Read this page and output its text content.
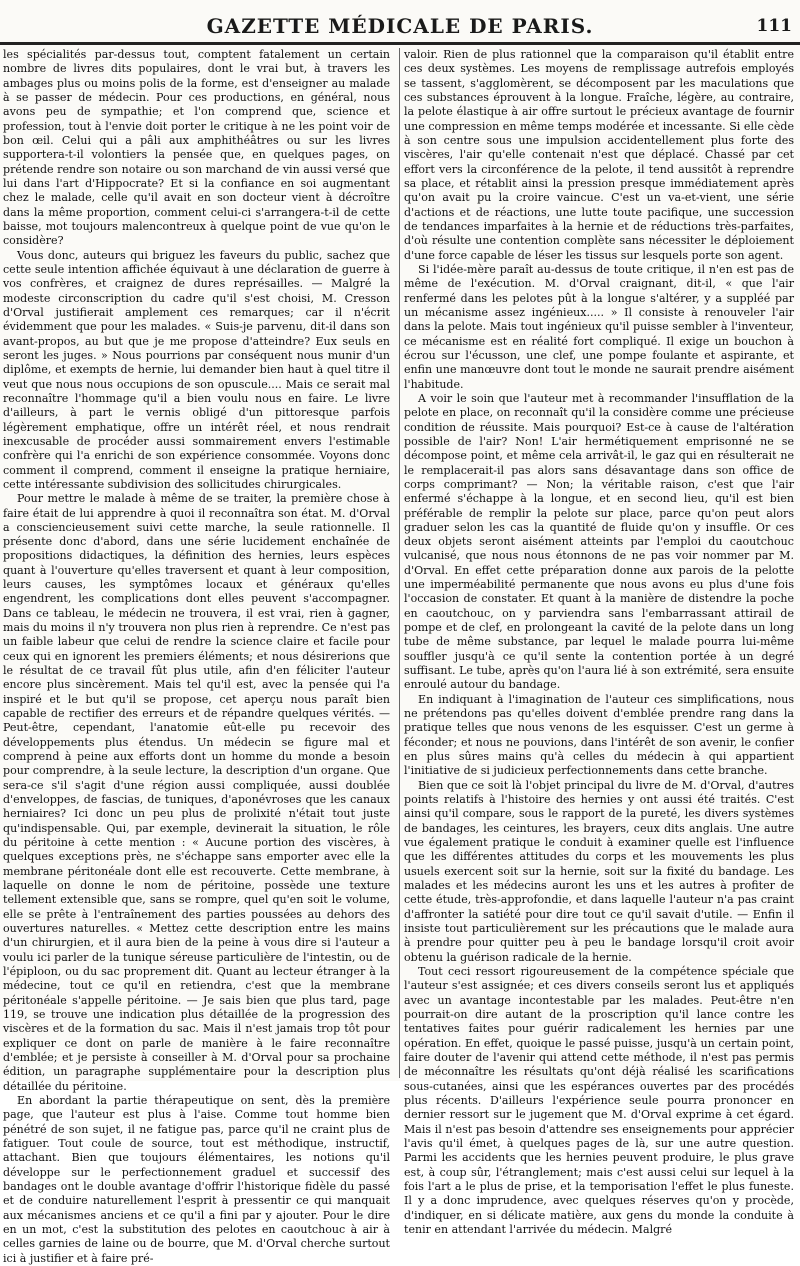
GAZETTE MÉDICALE DE PARIS.	111

les spécialités par-dessus tout, comptent fatalement un certain nombre de livres dits populaires, dont le vrai but, à travers les ambages plus ou moins polis de la forme, est d'enseigner au malade à se passer de médecin. Pour ces productions, en général, nous avons peu de sympathie; et l'on comprend que, science et profession, tout à l'envie doit porter le critique à ne les point voir de bon œil. Celui qui a pâli aux amphithéâtres ou sur les livres supportera-t-il volontiers la pensée que, en quelques pages, on prétende rendre son notaire ou son marchand de vin aussi versé que lui dans l'art d'Hippocrate? Et si la confiance en soi augmentant chez le malade, celle qu'il avait en son docteur vient à décroître dans la même proportion, comment celui-ci s'arrangera-t-il de cette baisse, mot toujours malencontreux à quelque point de vue qu'on le considère?

Vous donc, auteurs qui briguez les faveurs du public, sachez que cette seule intention affichée équivaut à une déclaration de guerre à vos confrères, et craignez de dures représailles. — Malgré la modeste circonscription du cadre qu'il s'est choisi, M. Cresson d'Orval justifierait amplement ces remarques; car il n'écrit évidemment que pour les malades. « Suis-je parvenu, dit-il dans son avant-propos, au but que je me propose d'atteindre? Eux seuls en seront les juges. » Nous pourrions par conséquent nous munir d'un diplôme, et exempts de hernie, lui demander bien haut à quel titre il veut que nous nous occupions de son opuscule.... Mais ce serait mal reconnaître l'hommage qu'il a bien voulu nous en faire. Le livre d'ailleurs, à part le vernis obligé d'un pittoresque parfois légèrement emphatique, offre un intérêt réel, et nous rendrait inexcusable de procéder aussi sommairement envers l'estimable confrère qui l'a enrichi de son expérience consommée. Voyons donc comment il comprend, comment il enseigne la pratique herniaire, cette intéressante subdivision des sollicitudes chirurgicales.

Pour mettre le malade à même de se traiter, la première chose à faire était de lui apprendre à quoi il reconnaîtra son état. M. d'Orval a consciencieusement suivi cette marche, la seule rationnelle. Il présente donc d'abord, dans une série lucidement enchaînée de propositions didactiques, la définition des hernies, leurs espèces quant à l'ouverture qu'elles traversent et quant à leur composition, leurs causes, les symptômes locaux et généraux qu'elles engendrent, les complications dont elles peuvent s'accompagner. Dans ce tableau, le médecin ne trouvera, il est vrai, rien à gagner, mais du moins il n'y trouvera non plus rien à reprendre. Ce n'est pas un faible labeur que celui de rendre la science claire et facile pour ceux qui en ignorent les premiers éléments; et nous désirerions que le résultat de ce travail fût plus utile, afin d'en féliciter l'auteur encore plus sincèrement. Mais tel qu'il est, avec la pensée qui l'a inspiré et le but qu'il se propose, cet aperçu nous paraît bien capable de rectifier des erreurs et de répandre quelques vérités. — Peut-être, cependant, l'anatomie eût-elle pu recevoir des développements plus étendus. Un médecin se figure mal et comprend à peine aux efforts dont un homme du monde a besoin pour comprendre, à la seule lecture, la description d'un organe. Que sera-ce s'il s'agit d'une région aussi compliquée, aussi doublée d'enveloppes, de fascias, de tuniques, d'aponévroses que les canaux herniaires? Ici donc un peu plus de prolixité n'était tout juste qu'indispensable. Qui, par exemple, devinerait la situation, le rôle du péritoine à cette mention : « Aucune portion des viscères, à quelques exceptions près, ne s'échappe sans emporter avec elle la membrane péritonéale dont elle est recouverte. Cette membrane, à laquelle on donne le nom de péritoine, possède une texture tellement extensible que, sans se rompre, quel qu'en soit le volume, elle se prête à l'entraînement des parties poussées au dehors des ouvertures naturelles. « Mettez cette description entre les mains d'un chirurgien, et il aura bien de la peine à vous dire si l'auteur a voulu ici parler de la tunique séreuse particulière de l'intestin, ou de l'épiploon, ou du sac proprement dit. Quant au lecteur étranger à la médecine, tout ce qu'il en retiendra, c'est que la membrane péritonéale s'appelle péritoine. — Je sais bien que plus tard, page 119, se trouve une indication plus détaillée de la progression des viscères et de la formation du sac. Mais il n'est jamais trop tôt pour expliquer ce dont on parle de manière à le faire reconnaître d'emblée; et je persiste à conseiller à M. d'Orval pour sa prochaine édition, un paragraphe supplémentaire pour la description plus détaillée du péritoine.

En abordant la partie thérapeutique on sent, dès la première page, que l'auteur est plus à l'aise. Comme tout homme bien pénétré de son sujet, il ne fatigue pas, parce qu'il ne craint plus de fatiguer. Tout coule de source, tout est méthodique, instructif, attachant. Bien que toujours élémentaires, les notions qu'il développe sur le perfectionnement graduel et successif des bandages ont le double avantage d'offrir l'historique fidèle du passé et de conduire naturellement l'esprit à pressentir ce qui manquait aux mécanismes anciens et ce qu'il a fini par y ajouter. Pour le dire en un mot, c'est la substitution des pelotes en caoutchouc à air à celles garnies de laine ou de bourre, que M. d'Orval cherche surtout ici à justifier et à faire pré-

valoir. Rien de plus rationnel que la comparaison qu'il établit entre ces deux systèmes. Les moyens de remplissage autrefois employés se tassent, s'agglomèrent, se décomposent par les maculations que ces substances éprouvent à la longue. Fraîche, légère, au contraire, la pelote élastique à air offre surtout le précieux avantage de fournir une compression en même temps modérée et incessante. Si elle cède à son centre sous une impulsion accidentellement plus forte des viscères, l'air qu'elle contenait n'est que déplacé. Chassé par cet effort vers la circonférence de la pelote, il tend aussitôt à reprendre sa place, et rétablit ainsi la pression presque immédiatement après qu'on avait pu la croire vaincue. C'est un va-et-vient, une série d'actions et de réactions, une lutte toute pacifique, une succession de tendances imparfaites à la hernie et de réductions très-parfaites, d'où résulte une contention complète sans nécessiter le déploiement d'une force capable de léser les tissus sur lesquels porte son agent.

Si l'idée-mère paraît au-dessus de toute critique, il n'en est pas de même de l'exécution. M. d'Orval craignant, dit-il, « que l'air renfermé dans les pelotes pût à la longue s'altérer, y a suppléé par un mécanisme assez ingénieux..... » Il consiste à renouveler l'air dans la pelote. Mais tout ingénieux qu'il puisse sembler à l'inventeur, ce mécanisme est en réalité fort compliqué. Il exige un bouchon à écrou sur l'écusson, une clef, une pompe foulante et aspirante, et enfin une manœuvre dont tout le monde ne saurait prendre aisément l'habitude.

A voir le soin que l'auteur met à recommander l'insufflation de la pelote en place, on reconnaît qu'il la considère comme une précieuse condition de réussite. Mais pourquoi? Est-ce à cause de l'altération possible de l'air? Non! L'air hermétiquement emprisonné ne se décompose point, et même cela arrivât-il, le gaz qui en résulterait ne le remplacerait-il pas alors sans désavantage dans son office de corps comprimant? — Non; la véritable raison, c'est que l'air enfermé s'échappe à la longue, et en second lieu, qu'il est bien préférable de remplir la pelote sur place, parce qu'on peut alors graduer selon les cas la quantité de fluide qu'on y insuffle. Or ces deux objets seront aisément atteints par l'emploi du caoutchouc vulcanisé, que nous nous étonnons de ne pas voir nommer par M. d'Orval. En effet cette préparation donne aux parois de la pelotte une imperméabilité permanente que nous avons eu plus d'une fois l'occasion de constater. Et quant à la manière de distendre la poche en caoutchouc, on y parviendra sans l'embarrassant attirail de pompe et de clef, en prolongeant la cavité de la pelote dans un long tube de même substance, par lequel le malade pourra lui-même souffler jusqu'à ce qu'il sente la contention portée à un degré suffisant. Le tube, après qu'on l'aura lié à son extrémité, sera ensuite enroulé autour du bandage.

En indiquant à l'imagination de l'auteur ces simplifications, nous ne prétendons pas qu'elles doivent d'emblée prendre rang dans la pratique telles que nous venons de les esquisser. C'est un germe à féconder; et nous ne pouvions, dans l'intérêt de son avenir, le confier en plus sûres mains qu'à celles du médecin à qui appartient l'initiative de si judicieux perfectionnements dans cette branche.

Bien que ce soit là l'objet principal du livre de M. d'Orval, d'autres points relatifs à l'histoire des hernies y ont aussi été traités. C'est ainsi qu'il compare, sous le rapport de la pureté, les divers systèmes de bandages, les ceintures, les brayers, ceux dits anglais. Une autre vue également pratique le conduit à examiner quelle est l'influence que les différentes attitudes du corps et les mouvements les plus usuels exercent soit sur la hernie, soit sur la fixité du bandage. Les malades et les médecins auront les uns et les autres à profiter de cette étude, très-approfondie, et dans laquelle l'auteur n'a pas craint d'affronter la satiété pour dire tout ce qu'il savait d'utile. — Enfin il insiste tout particulièrement sur les précautions que le malade aura à prendre pour quitter peu à peu le bandage lorsqu'il croit avoir obtenu la guérison radicale de la hernie.

Tout ceci ressort rigoureusement de la compétence spéciale que l'auteur s'est assignée; et ces divers conseils seront lus et appliqués avec un avantage incontestable par les malades. Peut-être n'en pourrait-on dire autant de la proscription qu'il lance contre les tentatives faites pour guérir radicalement les hernies par une opération. En effet, quoique le passé puisse, jusqu'à un certain point, faire douter de l'avenir qui attend cette méthode, il n'est pas permis de méconnaître les résultats qu'ont déjà réalisé les scarifications sous-cutanées, ainsi que les espérances ouvertes par des procédés plus récents. D'ailleurs l'expérience seule pourra prononcer en dernier ressort sur le jugement que M. d'Orval exprime à cet égard. Mais il n'est pas besoin d'attendre ses enseignements pour apprécier l'avis qu'il émet, à quelques pages de là, sur une autre question. Parmi les accidents que les hernies peuvent produire, le plus grave est, à coup sûr, l'étranglement; mais c'est aussi celui sur lequel à la fois l'art a le plus de prise, et la temporisation l'effet le plus funeste. Il y a donc imprudence, avec quelques réserves qu'on y procède, d'indiquer, en si délicate matière, aux gens du monde la conduite à tenir en attendant l'arrivée du médecin. Malgré
